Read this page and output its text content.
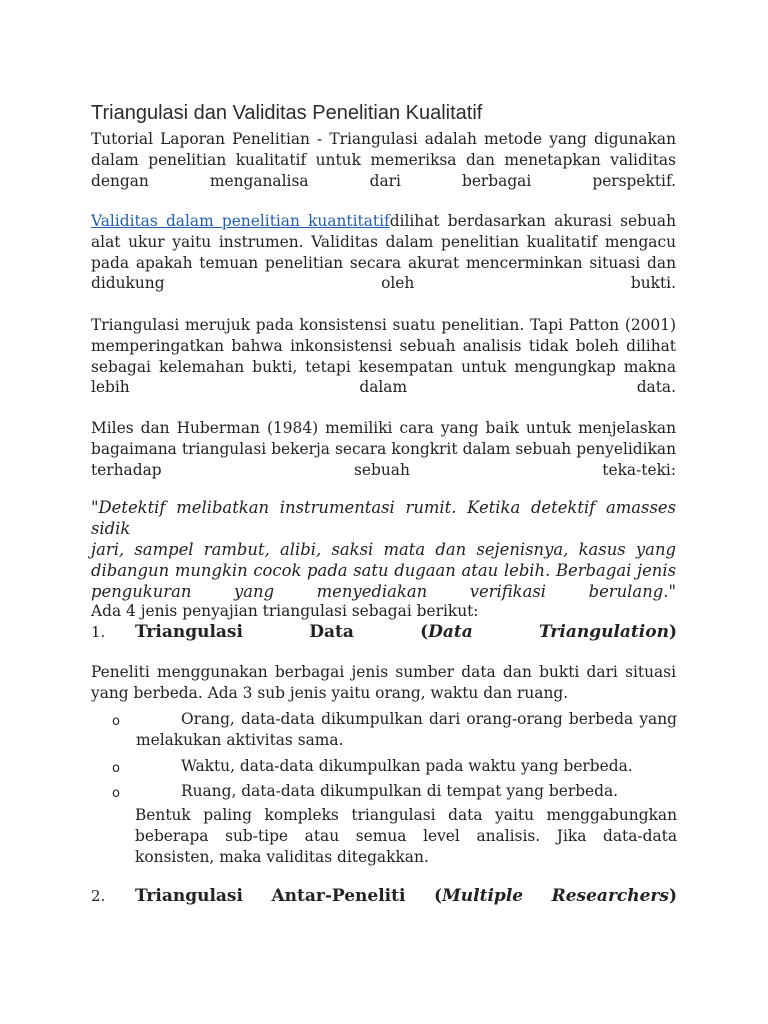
Triangulasi dan Validitas Penelitian Kualitatif

Tutorial Laporan Penelitian - Triangulasi adalah metode yang digunakan

dalam penelitian kualitatif untuk memeriksa dan menetapkan validitas

dengan menganalisa dari berbagai perspektif.

Validitas dalam penelitian kuantitatifdilihat berdasarkan akurasi sebuah

alat ukur yaitu instrumen. Validitas dalam penelitian kualitatif mengacu

pada apakah temuan penelitian secara akurat mencerminkan situasi dan

didukung oleh bukti.

Triangulasi merujuk pada konsistensi suatu penelitian. Tapi Patton (2001)

memperingatkan bahwa inkonsistensi sebuah analisis tidak boleh dilihat

sebagai kelemahan bukti, tetapi kesempatan untuk mengungkap makna

lebih dalam data.

Miles dan Huberman (1984) memiliki cara yang baik untuk menjelaskan

bagaimana triangulasi bekerja secara kongkrit dalam sebuah penyelidikan

terhadap sebuah teka-teki:

"Detektif melibatkan instrumentasi rumit. Ketika detektif amasses sidik

jari, sampel rambut, alibi, saksi mata dan sejenisnya, kasus yang

dibangun mungkin cocok pada satu dugaan atau lebih. Berbagai jenis

pengukuran yang menyediakan verifikasi berulang."

Ada 4 jenis penyajian triangulasi sebagai berikut:

1.	Triangulasi	Data	(Data	Triangulation)

Peneliti menggunakan berbagai jenis sumber data dan bukti dari situasi

yang berbeda. Ada 3 sub jenis yaitu orang, waktu dan ruang.

o	Orang, data-data dikumpulkan dari orang-orang berbeda yang melakukan aktivitas sama.
o	Waktu, data-data dikumpulkan pada waktu yang berbeda.
o	Ruang, data-data dikumpulkan di tempat yang berbeda.

Bentuk paling kompleks triangulasi data yaitu menggabungkan beberapa sub-tipe atau semua level analisis. Jika data-data konsisten, maka validitas ditegakkan.

2.	Triangulasi Antar-Peneliti (Multiple Researchers)
